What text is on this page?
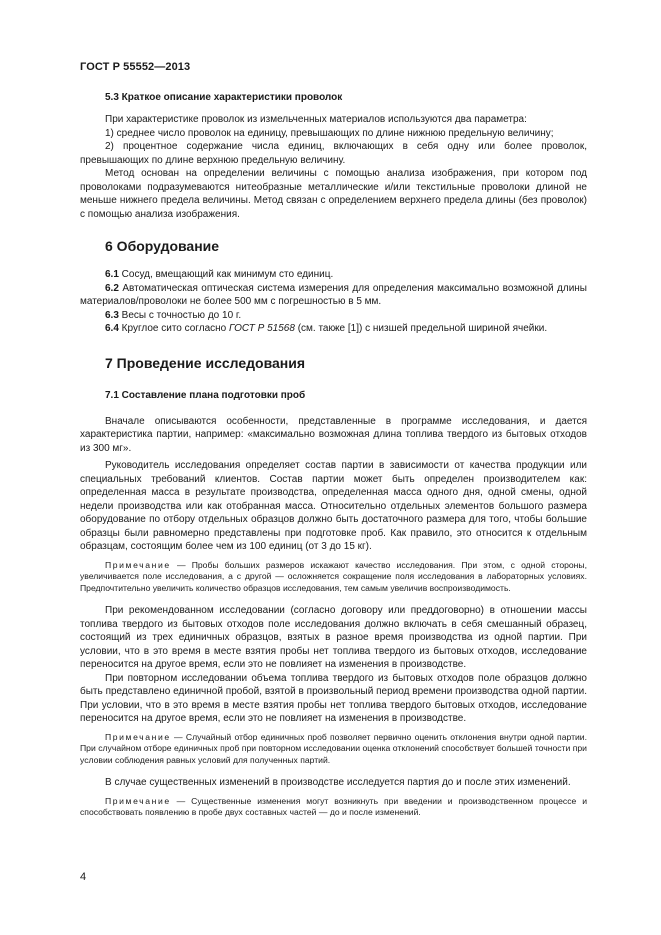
ГОСТ Р 55552—2013
5.3 Краткое описание характеристики проволок

При характеристике проволок из измельченных материалов используются два параметра:

1) среднее число проволок на единицу, превышающих по длине нижнюю предельную величину;

2) процентное содержание числа единиц, включающих в себя одну или более проволок, превышающих по длине верхнюю предельную величину.

Метод основан на определении величины с помощью анализа изображения, при котором под проволоками подразумеваются нитеобразные металлические и/или текстильные проволоки длиной не меньше нижнего предела величины. Метод связан с определением верхнего предела длины (без проволок) с помощью анализа изображения.

6 Оборудование

6.1 Сосуд, вмещающий как минимум сто единиц.

6.2 Автоматическая оптическая система измерения для определения максимально возможной длины материалов/проволоки не более 500 мм с погрешностью в 5 мм.

6.3 Весы с точностью до 10 г.

6.4 Круглое сито согласно ГОСТ Р 51568 (см. также [1]) с низшей предельной шириной ячейки.

7 Проведение исследования
7.1 Составление плана подготовки проб

Вначале описываются особенности, представленные в программе исследования, и дается характеристика партии, например: «максимально возможная длина топлива твердого из бытовых отходов из 300 мг».

Руководитель исследования определяет состав партии в зависимости от качества продукции или специальных требований клиентов. Состав партии может быть определен производителем как: определенная масса в результате производства, определенная масса одного дня, одной смены, одной недели производства или как отобранная масса. Относительно отдельных элементов большого размера оборудование по отбору отдельных образцов должно быть достаточного размера для того, чтобы большие образцы были равномерно представлены при подготовке проб. Как правило, это относится к отдельным образцам, состоящим более чем из 100 единиц (от 3 до 15 кг).

Примечание — Пробы больших размеров искажают качество исследования. При этом, с одной стороны, увеличивается поле исследования, а с другой — осложняется сокращение поля исследования в лабораторных условиях. Предпочтительно увеличить количество образцов исследования, тем самым увеличив воспроизводимость.

При рекомендованном исследовании (согласно договору или преддоговорно) в отношении массы топлива твердого из бытовых отходов поле исследования должно включать в себя смешанный образец, состоящий из трех единичных образцов, взятых в разное время производства из одной партии. При условии, что в это время в месте взятия пробы нет топлива твердого из бытовых отходов, исследование переносится на другое время, если это не повлияет на изменения в производстве.

При повторном исследовании объема топлива твердого из бытовых отходов поле образцов должно быть представлено единичной пробой, взятой в произвольный период времени производства одной партии. При условии, что в это время в месте взятия пробы нет топлива твердого бытовых отходов, исследование переносится на другое время, если это не повлияет на изменения в производстве.

Примечание — Случайный отбор единичных проб позволяет первично оценить отклонения внутри одной партии. При случайном отборе единичных проб при повторном исследовании оценка отклонений способствует большей точности при условии соблюдения равных условий для полученных партий.

В случае существенных изменений в производстве исследуется партия до и после этих изменений.

Примечание — Существенные изменения могут возникнуть при введении и производственном процессе и способствовать появлению в пробе двух составных частей — до и после изменений.

4
